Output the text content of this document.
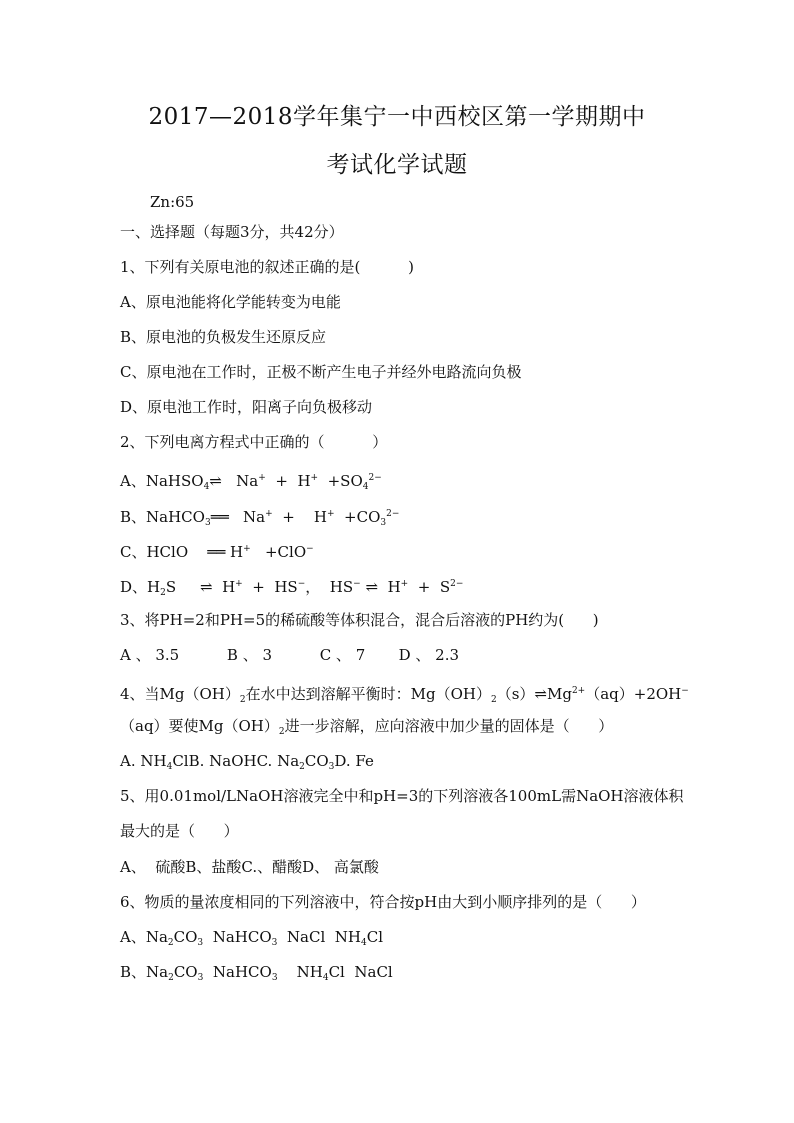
2017—2018学年集宁一中西校区第一学期期中
考试化学试题
Zn:65
一、选择题（每题3分，共42分）
1、下列有关原电池的叙述正确的是(          )
A、原电池能将化学能转变为电能
B、原电池的负极发生还原反应
C、原电池在工作时，正极不断产生电子并经外电路流向负极
D、原电池工作时，阳离子向负极移动
2、下列电离方程式中正确的（          ）
A、NaHSO$_4$⇌   $Na^+ + H^+ +SO_4^{2-}$
B、NaHCO$_3$══   Na+  +    $H^+ +CO_3^{2-}$
C、HClO    ══ H+   +ClO−
D、$H_2S$     ⇌  H+  +  HS−，  HS− ⇌  $H^+ + S^{2-}$
3、将PH=2和PH=5的稀硫酸等体积混合，混合后溶液的PH约为(      )
A 、 3.5          B 、 3          C 、 7       D 、 2.3
4、当$Mg(OH)_2$在水中达到溶解平衡时：$Mg(OH)_2(s)\rightleftharpoons Mg^{2+}(aq)+2OH^-$
（aq）要使$Mg(OH)_2$进一步溶解，应向溶液中加少量的固体是（      ）
A. $NH_4ClB$. NaOHC. $Na_2CO_3D$. Fe
5、用0.01mol/LNaOH溶液完全中和pH=3的下列溶液各100mL需NaOH溶液体积
最大的是（      ）
A、  硫酸B、盐酸C.、醋酸D、 高氯酸
6、物质的量浓度相同的下列溶液中，符合按pH由大到小顺序排列的是（      ）
A、$Na_2CO_3$  NaHCO$_3$  NaCl  $NH_4Cl$
B、$Na_2CO_3$  NaHCO$_3$    $NH_4Cl$  NaCl
